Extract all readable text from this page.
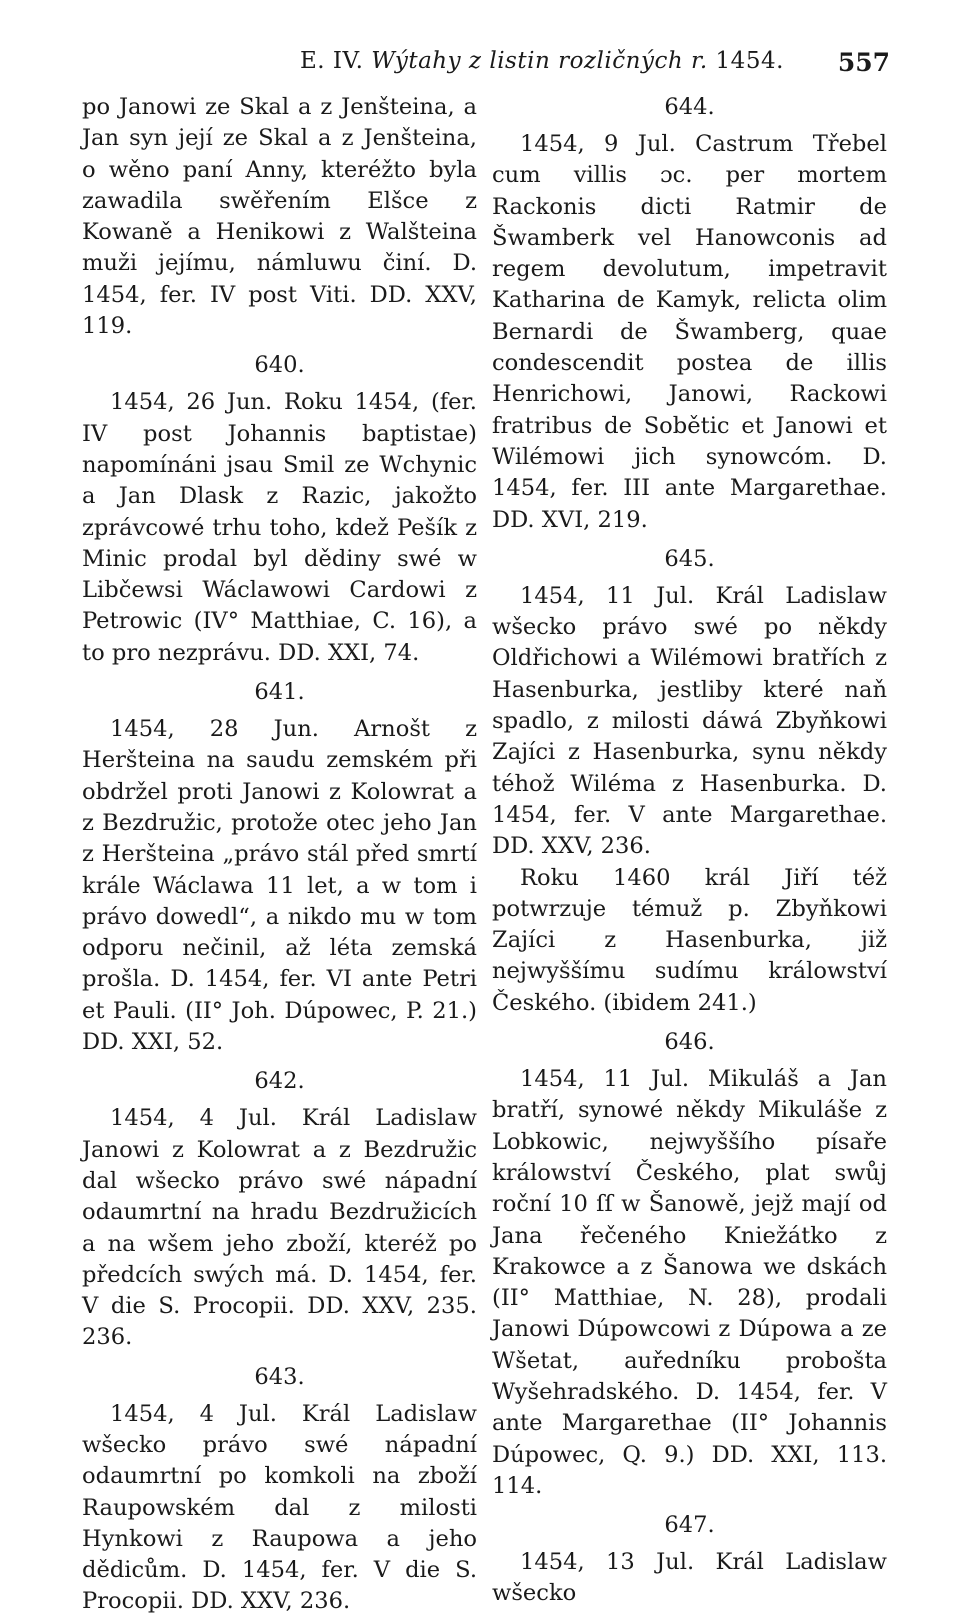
E. IV. Wýtahy z listin rozličných r. 1454. 557

po Janowi ze Skal a z Jenšteina, a Jan syn její ze Skal a z Jenšteina, o wěno paní Anny, kteréžto byla zawadila swěřením Elšce z Kowaně a Henikowi z Walšteina muži jejímu, námluwu činí. D. 1454, fer. IV post Viti. DD. XXV, 119.

640.

1454, 26 Jun. Roku 1454, (fer. IV post Johannis baptistae) napomínáni jsau Smil ze Wchynic a Jan Dlask z Razic, jakožto zprávcowé trhu toho, kdež Pešík z Minic prodal byl dědiny swé w Libčewsi Wáclawowi Cardowi z Petrowic (IV° Matthiae, C. 16), a to pro nezprávu. DD. XXI, 74.

641.

1454, 28 Jun. Arnošt z Heršteina na saudu zemském při obdržel proti Janowi z Kolowrat a z Bezdružic, protože otec jeho Jan z Heršteina „právo stál před smrtí krále Wáclawa 11 let, a w tom i právo dowedl“, a nikdo mu w tom odporu nečinil, až léta zemská prošla. D. 1454, fer. VI ante Petri et Pauli. (II° Joh. Dúpowec, P. 21.) DD. XXI, 52.

642.

1454, 4 Jul. Král Ladislaw Janowi z Kolowrat a z Bezdružic dal wšecko právo swé nápadní odaumrtní na hradu Bezdružicích a na wšem jeho zboží, kteréž po předcích swých má. D. 1454, fer. V die S. Procopii. DD. XXV, 235. 236.

643.

1454, 4 Jul. Král Ladislaw wšecko právo swé nápadní odaumrtní po komkoli na zboží Raupowském dal z milosti Hynkowi z Raupowa a jeho dědicům. D. 1454, fer. V die S. Procopii. DD. XXV, 236.

644.

1454, 9 Jul. Castrum Třebel cum villis ɔc. per mortem Rackonis dicti Ratmir de Šwamberk vel Hanowconis ad regem devolutum, impetravit Katharina de Kamyk, relicta olim Bernardi de Šwamberg, quae condescendit postea de illis Henrichowi, Janowi, Rackowi fratribus de Sobětic et Janowi et Wilémowi jich synowcóm. D. 1454, fer. III ante Margarethae. DD. XVI, 219.

645.

1454, 11 Jul. Král Ladislaw wšecko právo swé po někdy Oldřichowi a Wilémowi bratřích z Hasenburka, jestliby které naň spadlo, z milosti dáwá Zbyňkowi Zajíci z Hasenburka, synu někdy téhož Wiléma z Hasenburka. D. 1454, fer. V ante Margarethae. DD. XXV, 236.

Roku 1460 král Jiří též potwrzuje témuž p. Zbyňkowi Zajíci z Hasenburka, již nejwyššímu sudímu králowství Českého. (ibidem 241.)

646.

1454, 11 Jul. Mikuláš a Jan bratří, synowé někdy Mikuláše z Lobkowic, nejwyššího písaře králowství Českého, plat swůj roční 10 ſſ w Šanowě, jejž mají od Jana řečeného Kniežátko z Krakowce a z Šanowa we dskách (II° Matthiae, N. 28), prodali Janowi Dúpowcowi z Dúpowa a ze Wšetat, auředníku probošta Wyšehradského. D. 1454, fer. V ante Margarethae (II° Johannis Dúpowec, Q. 9.) DD. XXI, 113. 114.

647.

1454, 13 Jul. Král Ladislaw wšecko
